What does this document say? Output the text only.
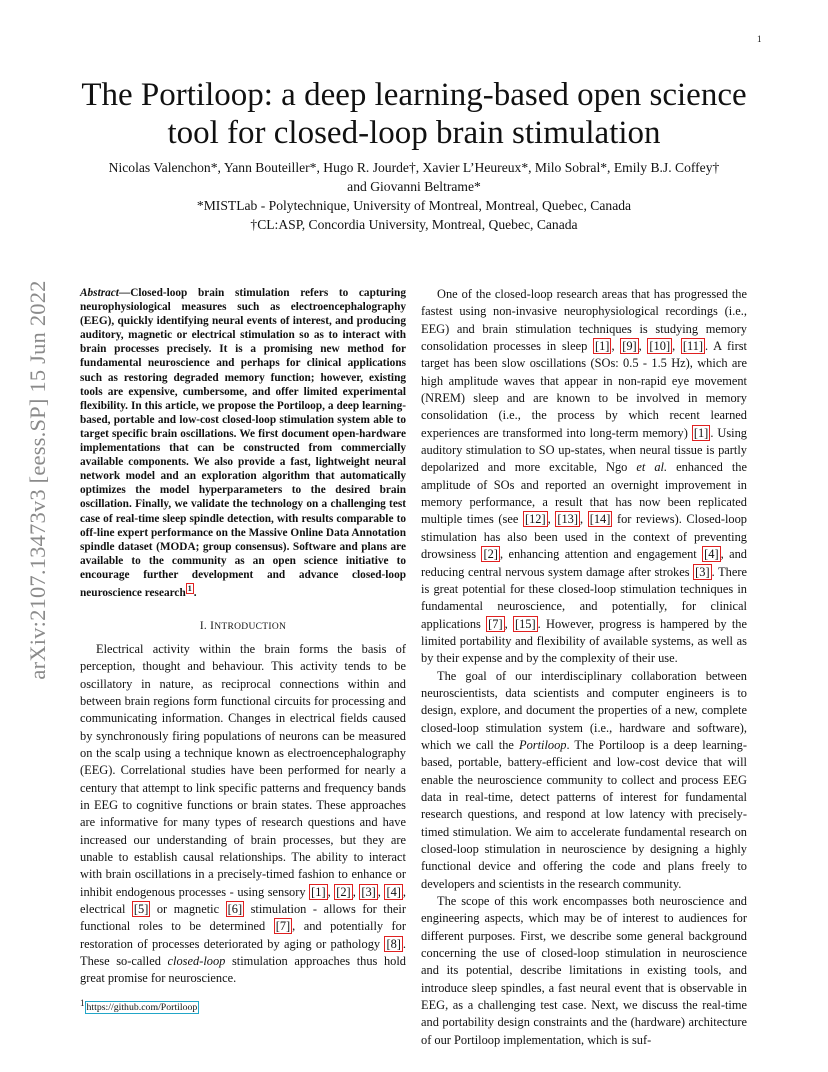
1
The Portiloop: a deep learning-based open science
tool for closed-loop brain stimulation
Nicolas Valenchon*, Yann Bouteiller*, Hugo R. Jourde†, Xavier L’Heureux*, Milo Sobral*, Emily B.J. Coffey†
and Giovanni Beltrame*
*MISTLab - Polytechnique, University of Montreal, Montreal, Quebec, Canada
†CL:ASP, Concordia University, Montreal, Quebec, Canada
arXiv:2107.13473v3 [eess.SP] 15 Jun 2022	Abstract—Closed-loop brain stimulation refers to capturing neurophysiological measures such as electroencephalography (EEG), quickly identifying neural events of interest, and producing auditory, magnetic or electrical stimulation so as to interact with brain processes precisely. It is a promising new method for fundamental neuroscience and perhaps for clinical applications such as restoring degraded memory function; however, existing tools are expensive, cumbersome, and offer limited experimental flexibility. In this article, we propose the Portiloop, a deep learning-based, portable and low-cost closed-loop stimulation system able to target specific brain oscillations. We first document open-hardware implementations that can be constructed from commercially available components. We also provide a fast, lightweight neural network model and an exploration algorithm that automatically optimizes the model hyperparameters to the desired brain oscillation. Finally, we validate the technology on a challenging test case of real-time sleep spindle detection, with results comparable to off-line expert performance on the Massive Online Data Annotation spindle dataset (MODA; group consensus). Software and plans are available to the community as an open science initiative to encourage further development and advance closed-loop neuroscience research $^1$ .
I. INTRODUCTION

Electrical activity within the brain forms the basis of perception, thought and behaviour. This activity tends to be oscillatory in nature, as reciprocal connections within and between brain regions form functional circuits for processing and communicating information. Changes in electrical fields caused by synchronously firing populations of neurons can be measured on the scalp using a technique known as electroencephalography (EEG). Correlational studies have been performed for nearly a century that attempt to link specific patterns and frequency bands in EEG to cognitive functions or brain states. These approaches are informative for many types of research questions and have increased our understanding of brain processes, but they are unable to establish causal relationships. The ability to interact with brain oscillations in a precisely-timed fashion to enhance or inhibit endogenous processes - using sensory [1] , [2] , [3] , [4] , electrical [5] or magnetic [6] stimulation - allows for their functional roles to be determined [7] , and potentially for restoration of processes deteriorated by aging or pathology [8] . These so-called closed-loop stimulation approaches thus hold great promise for neuroscience.

$^1$ https://github.com/Portiloop

One of the closed-loop research areas that has progressed the fastest using non-invasive neurophysiological recordings (i.e., EEG) and brain stimulation techniques is studying memory consolidation processes in sleep [1] , [9] , [10] , [11] . A first target has been slow oscillations (SOs: 0.5 - 1.5 Hz), which are high amplitude waves that appear in non-rapid eye movement (NREM) sleep and are known to be involved in memory consolidation (i.e., the process by which recent learned experiences are transformed into long-term memory) [1] . Using auditory stimulation to SO up-states, when neural tissue is partly depolarized and more excitable, Ngo et al. enhanced the amplitude of SOs and reported an overnight improvement in memory performance, a result that has now been replicated multiple times (see [12] , [13] , [14] for reviews). Closed-loop stimulation has also been used in the context of preventing drowsiness [2] , enhancing attention and engagement [4] , and reducing central nervous system damage after strokes [3] . There is great potential for these closed-loop stimulation techniques in fundamental neuroscience, and potentially, for clinical applications [7] , [15] . However, progress is hampered by the limited portability and flexibility of available systems, as well as by their expense and by the complexity of their use.

The goal of our interdisciplinary collaboration between neuroscientists, data scientists and computer engineers is to design, explore, and document the properties of a new, complete closed-loop stimulation system (i.e., hardware and software), which we call the Portiloop. The Portiloop is a deep learning-based, portable, battery-efficient and low-cost device that will enable the neuroscience community to collect and process EEG data in real-time, detect patterns of interest for fundamental research questions, and respond at low latency with precisely-timed stimulation. We aim to accelerate fundamental research on closed-loop stimulation in neuroscience by designing a highly functional device and offering the code and plans freely to developers and scientists in the research community.

The scope of this work encompasses both neuroscience and engineering aspects, which may be of interest to audiences for different purposes. First, we describe some general background concerning the use of closed-loop stimulation in neuroscience and its potential, describe limitations in existing tools, and introduce sleep spindles, a fast neural event that is observable in EEG, as a challenging test case. Next, we discuss the real-time and portability design constraints and the (hardware) architecture of our Portiloop implementation, which is suf-
